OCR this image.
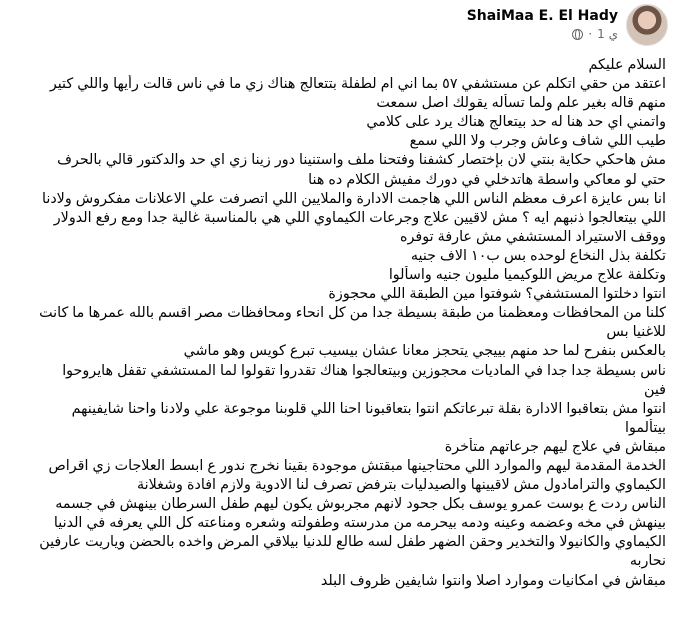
ShaiMaa E. El Hady
1 ي
·

السلام عليكم

اعتقد من حقي اتكلم عن مستشفي ٥٧ بما اني ام لطفلة بتتعالج هناك زي ما في ناس قالت رأيها واللي كتير

منهم قاله بغير علم ولما تسأله يقولك اصل سمعت

واتمني اي حد هنا له حد بيتعالج هناك يرد على كلامي

طيب اللي شاف وعاش وجرب ولا اللي سمع

مش هاحكي حكاية بنتي لان بإختصار كشفنا وفتحنا ملف واستنينا دور زينا زي اي حد والدكتور قالي بالحرف

حتي لو معاكي واسطة هاتدخلي في دورك مفيش الكلام ده هنا

انا بس عايزة اعرف معظم الناس اللي هاجمت الادارة والملايين اللي اتصرفت علي الاعلانات مفكروش ولادنا

اللي بيتعالجوا ذنبهم ايه ؟ مش لاقيين علاج وجرعات الكيماوي اللي هي بالمناسبة غالية جدا ومع رفع الدولار

ووقف الاستيراد المستشفي مش عارفة توفره

تكلفة بذل النخاع لوحده بس ب١٠ الاف جنيه

وتكلفة علاج مريض اللوكيميا مليون جنيه واسألوا

انتوا دخلتوا المستشفي؟ شوفتوا مين الطبقة اللي محجوزة

كلنا من المحافظات ومعظمنا من طبقة بسيطة جدا من كل انحاء ومحافظات مصر اقسم بالله عمرها ما كانت

للاغنيا بس

بالعكس بنفرح لما حد منهم بييجي يتحجز معانا عشان بيسيب تبرع كويس وهو ماشي

ناس بسيطة جدا جدا في الماديات محجوزين وبيتعالجوا هناك تقدروا تقولوا لما المستشفي تقفل هايروحوا

فين

انتوا مش بتعاقبوا الادارة بقلة تبرعاتكم انتوا بتعاقبونا احنا اللي قلوبنا موجوعة علي ولادنا واحنا شايفينهم

بيتألموا

مبقاش في علاج ليهم جرعاتهم متأخرة

الخدمة المقدمة ليهم والموارد اللي محتاجينها مبقتش موجودة بقينا نخرج ندور ع ابسط العلاجات زي اقراص

الكيماوي والترامادول مش لاقيينها والصيدليات بترفض تصرف لنا الادوية ولازم افادة وشغلانة

الناس ردت ع بوست عمرو يوسف بكل جحود لانهم مجربوش يكون ليهم طفل السرطان بينهش في جسمه

بينهش في مخه وعضمه وعينه ودمه بيحرمه من مدرسته وطفولته وشعره ومناعته كل اللي يعرفه في الدنيا

الكيماوي والكانيولا والتخدير وحقن الضهر طفل لسه طالع للدنيا بيلاقي المرض واخده بالحضن وياريت عارفين

نحاربه

مبقاش في امكانيات وموارد اصلا وانتوا شايفين ظروف البلد
